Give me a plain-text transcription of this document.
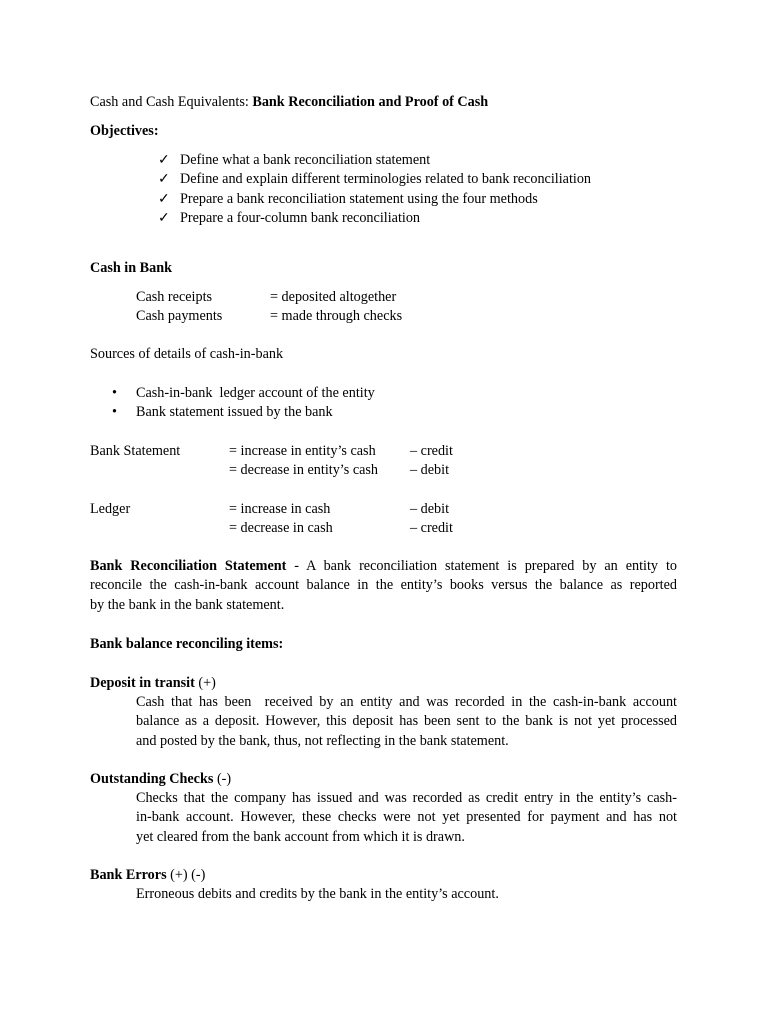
Cash and Cash Equivalents: Bank Reconciliation and Proof of Cash
Objectives:
✓ Define what a bank reconciliation statement
✓ Define and explain different terminologies related to bank reconciliation
✓ Prepare a bank reconciliation statement using the four methods
✓ Prepare a four-column bank reconciliation
Cash in Bank
Cash receipts	= deposited altogether
Cash payments	= made through checks
Sources of details of cash-in-bank
• Cash-in-bank  ledger account of the entity
• Bank statement issued by the bank
Bank Statement	= increase in entity’s cash – credit
= decrease in entity’s cash – debit
Ledger	= increase in cash	– debit
= decrease in cash	– credit
Bank Reconciliation Statement - A bank reconciliation statement is prepared by an entity to
reconcile the cash-in-bank account balance in the entity’s books versus the balance as reported
by the bank in the bank statement.
Bank balance reconciling items:
Deposit in transit (+)
Cash that has been  received by an entity and was recorded in the cash-in-bank account
balance as a deposit. However, this deposit has been sent to the bank is not yet processed
and posted by the bank, thus, not reflecting in the bank statement.
Outstanding Checks (-)
Checks that the company has issued and was recorded as credit entry in the entity’s cash-
in-bank account. However, these checks were not yet presented for payment and has not
yet cleared from the bank account from which it is drawn.
Bank Errors (+) (-)
Erroneous debits and credits by the bank in the entity’s account.
